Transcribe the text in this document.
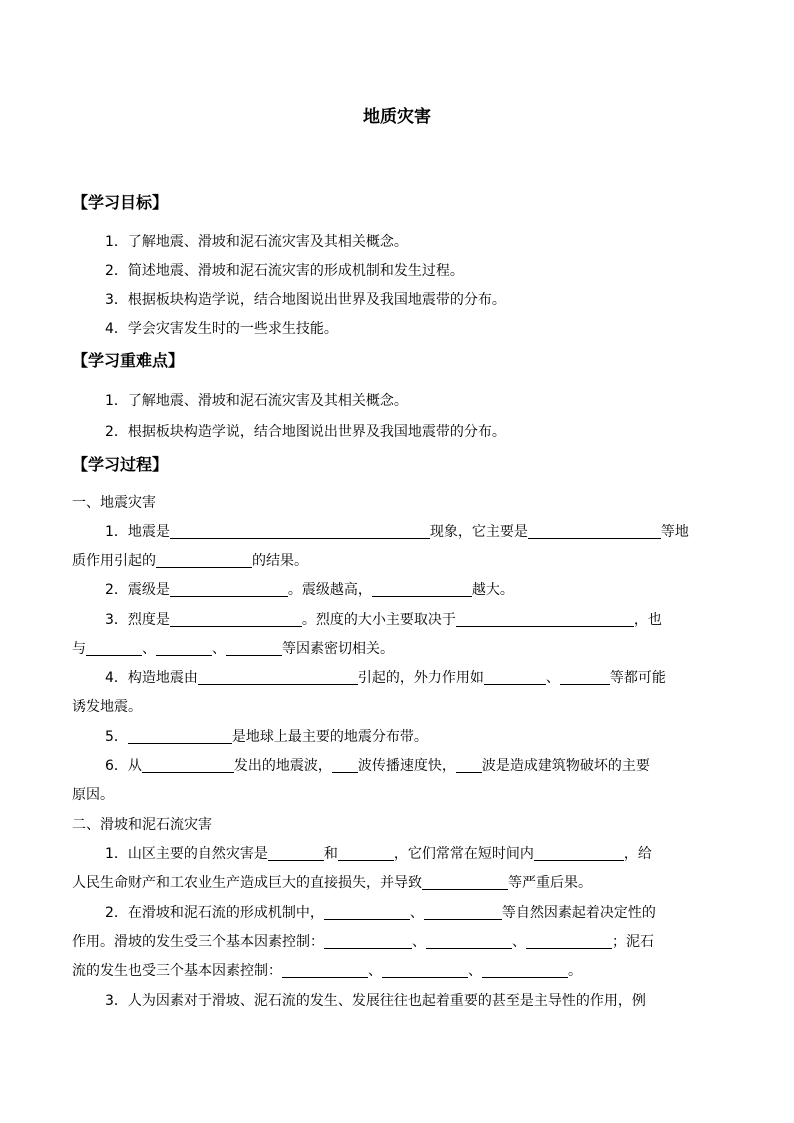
地质灾害
【学习目标】
1．了解地震、滑坡和泥石流灾害及其相关概念。
2．简述地震、滑坡和泥石流灾害的形成机制和发生过程。
3．根据板块构造学说，结合地图说出世界及我国地震带的分布。
4．学会灾害发生时的一些求生技能。
【学习重难点】
1．了解地震、滑坡和泥石流灾害及其相关概念。
2．根据板块构造学说，结合地图说出世界及我国地震带的分布。
【学习过程】
一、地震灾害
1．地震是	现象，它主要是	等地
质作用引起的	的结果。
2．震级是	。震级越高，	越大。
3．烈度是	。烈度的大小主要取决于	，也
与	、	、	等因素密切相关。
4．构造地震由	引起的，外力作用如	、	等都可能
诱发地震。
5．	是地球上最主要的地震分布带。
6．从	发出的地震波， 波传播速度快， 波是造成建筑物破坏的主要
原因。
二、滑坡和泥石流灾害
1．山区主要的自然灾害是	和	，它们常常在短时间内	，给
人民生命财产和工农业生产造成巨大的直接损失，并导致	等严重后果。
2．在滑坡和泥石流的形成机制中，	、	等自然因素起着决定性的
作用。滑坡的发生受三个基本因素控制：	、	、	；泥石
流的发生也受三个基本因素控制：	、	、	。
3．人为因素对于滑坡、泥石流的发生、发展往往也起着重要的甚至是主导性的作用，例
